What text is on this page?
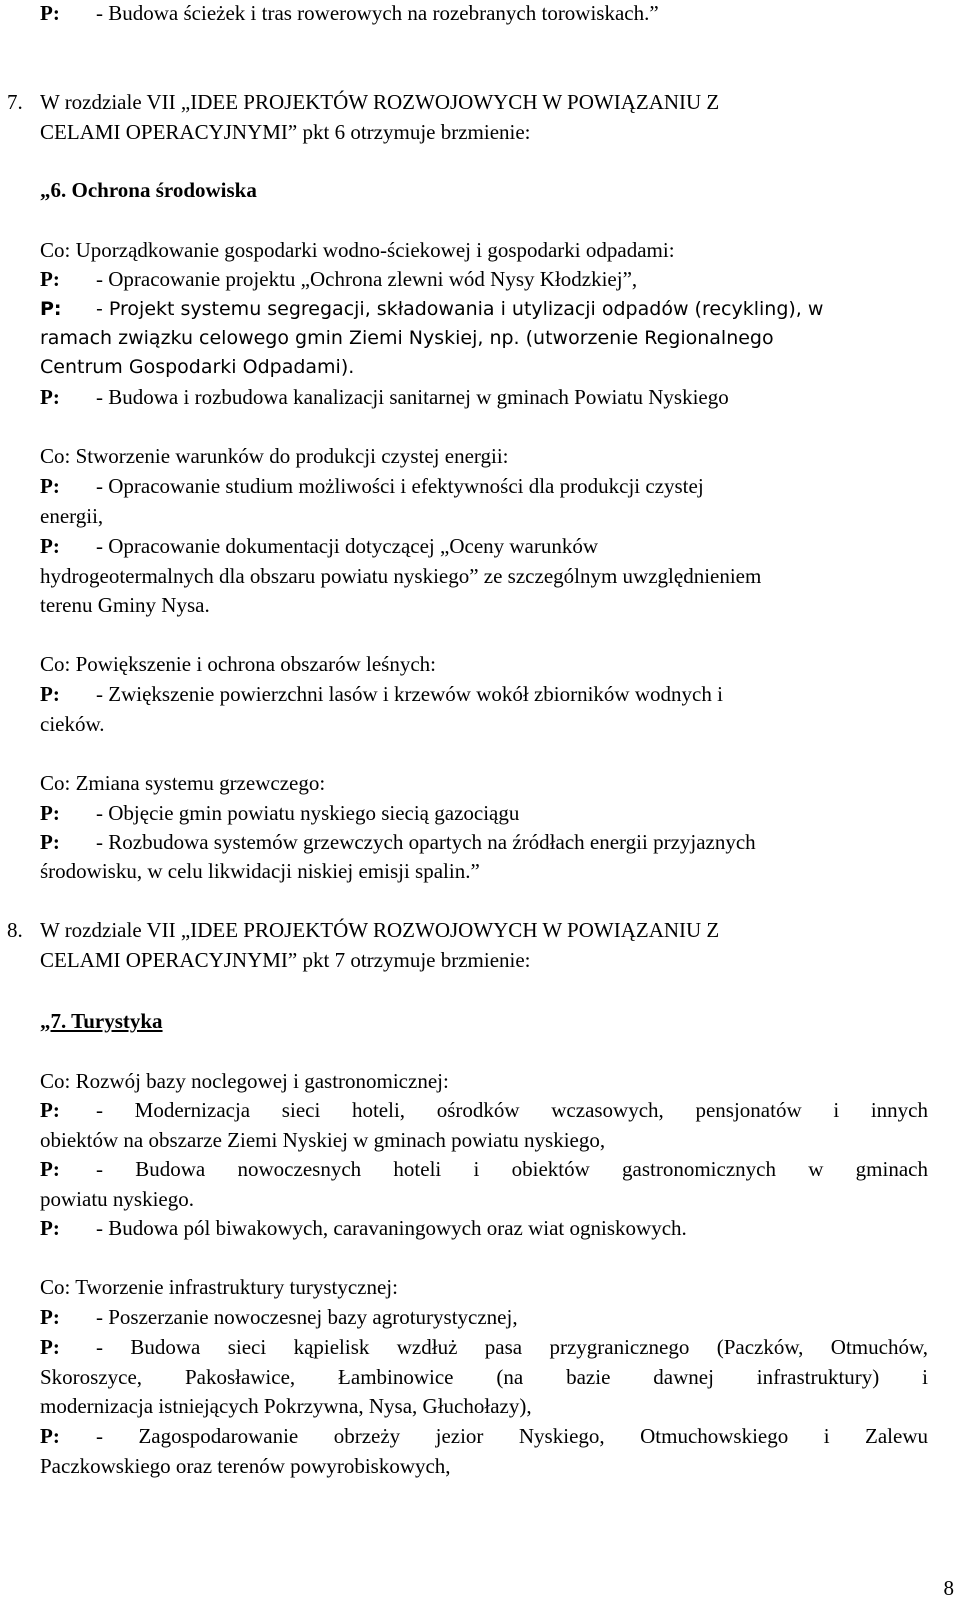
P: - Budowa ścieżek i tras rowerowych na rozebranych torowiskach.”
7. W rozdziale VII „IDEE PROJEKTÓW ROZWOJOWYCH W POWIĄZANIU Z
CELAMI OPERACYJNYMI” pkt 6 otrzymuje brzmienie:
„6. Ochrona środowiska
Co: Uporządkowanie gospodarki wodno-ściekowej i gospodarki odpadami:
P: - Opracowanie projektu „Ochrona zlewni wód Nysy Kłodzkiej”,
P: - Projekt systemu segregacji, składowania i utylizacji odpadów (recykling), w
ramach związku celowego gmin Ziemi Nyskiej, np. (utworzenie Regionalnego
Centrum Gospodarki Odpadami).
P: - Budowa i rozbudowa kanalizacji sanitarnej w gminach Powiatu Nyskiego
Co: Stworzenie warunków do produkcji czystej energii:
P: - Opracowanie studium możliwości i efektywności dla produkcji czystej
energii,
P: - Opracowanie dokumentacji dotyczącej „Oceny warunków
hydrogeotermalnych dla obszaru powiatu nyskiego” ze szczególnym uwzględnieniem
terenu Gminy Nysa.
Co: Powiększenie i ochrona obszarów leśnych:
P: - Zwiększenie powierzchni lasów i krzewów wokół zbiorników wodnych i
cieków.
Co: Zmiana systemu grzewczego:
P: - Objęcie gmin powiatu nyskiego siecią gazociągu
P: - Rozbudowa systemów grzewczych opartych na źródłach energii przyjaznych
środowisku, w celu likwidacji niskiej emisji spalin.”
8. W rozdziale VII „IDEE PROJEKTÓW ROZWOJOWYCH W POWIĄZANIU Z
CELAMI OPERACYJNYMI” pkt 7 otrzymuje brzmienie:
„7. Turystyka
Co: Rozwój bazy noclegowej i gastronomicznej:
P: - Modernizacja sieci hoteli, ośrodków wczasowych, pensjonatów i innych
obiektów na obszarze Ziemi Nyskiej w gminach powiatu nyskiego,
P: - Budowa nowoczesnych hoteli i obiektów gastronomicznych w gminach
powiatu nyskiego.
P: - Budowa pól biwakowych, caravaningowych oraz wiat ogniskowych.
Co: Tworzenie infrastruktury turystycznej:
P: - Poszerzanie nowoczesnej bazy agroturystycznej,
P: - Budowa sieci kąpielisk wzdłuż pasa przygranicznego (Paczków, Otmuchów,
Skoroszyce, Pakosławice, Łambinowice (na bazie dawnej infrastruktury) i
modernizacja istniejących Pokrzywna, Nysa, Głuchołazy),
P: - Zagospodarowanie obrzeży jezior Nyskiego, Otmuchowskiego i Zalewu
Paczkowskiego oraz terenów powyrobiskowych,
8
